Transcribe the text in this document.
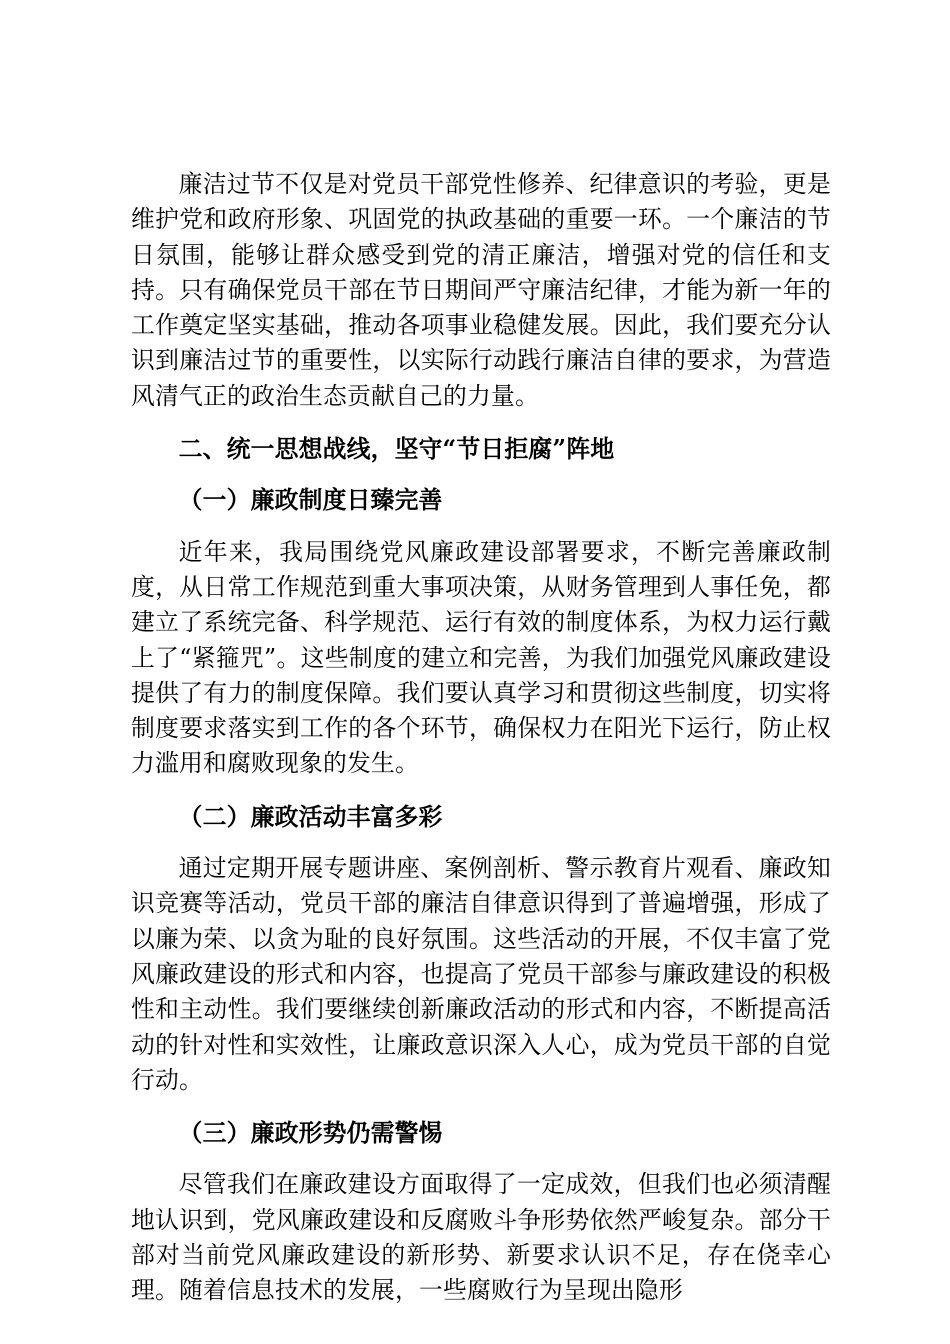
廉洁过节不仅是对党员干部党性修养、纪律意识的考验，更是维护党和政府形象、巩固党的执政基础的重要一环。一个廉洁的节日氛围，能够让群众感受到党的清正廉洁，增强对党的信任和支持。只有确保党员干部在节日期间严守廉洁纪律，才能为新一年的工作奠定坚实基础，推动各项事业稳健发展。因此，我们要充分认识到廉洁过节的重要性，以实际行动践行廉洁自律的要求，为营造风清气正的政治生态贡献自己的力量。

二、统一思想战线，坚守“节日拒腐”阵地

（一）廉政制度日臻完善

近年来，我局围绕党风廉政建设部署要求，不断完善廉政制度，从日常工作规范到重大事项决策，从财务管理到人事任免，都建立了系统完备、科学规范、运行有效的制度体系，为权力运行戴上了“紧箍咒”。这些制度的建立和完善，为我们加强党风廉政建设提供了有力的制度保障。我们要认真学习和贯彻这些制度，切实将制度要求落实到工作的各个环节，确保权力在阳光下运行，防止权力滥用和腐败现象的发生。

（二）廉政活动丰富多彩

通过定期开展专题讲座、案例剖析、警示教育片观看、廉政知识竞赛等活动，党员干部的廉洁自律意识得到了普遍增强，形成了以廉为荣、以贪为耻的良好氛围。这些活动的开展，不仅丰富了党风廉政建设的形式和内容，也提高了党员干部参与廉政建设的积极性和主动性。我们要继续创新廉政活动的形式和内容，不断提高活动的针对性和实效性，让廉政意识深入人心，成为党员干部的自觉行动。

（三）廉政形势仍需警惕

尽管我们在廉政建设方面取得了一定成效，但我们也必须清醒地认识到，党风廉政建设和反腐败斗争形势依然严峻复杂。部分干部对当前党风廉政建设的新形势、新要求认识不足，存在侥幸心理。随着信息技术的发展，一些腐败行为呈现出隐形
